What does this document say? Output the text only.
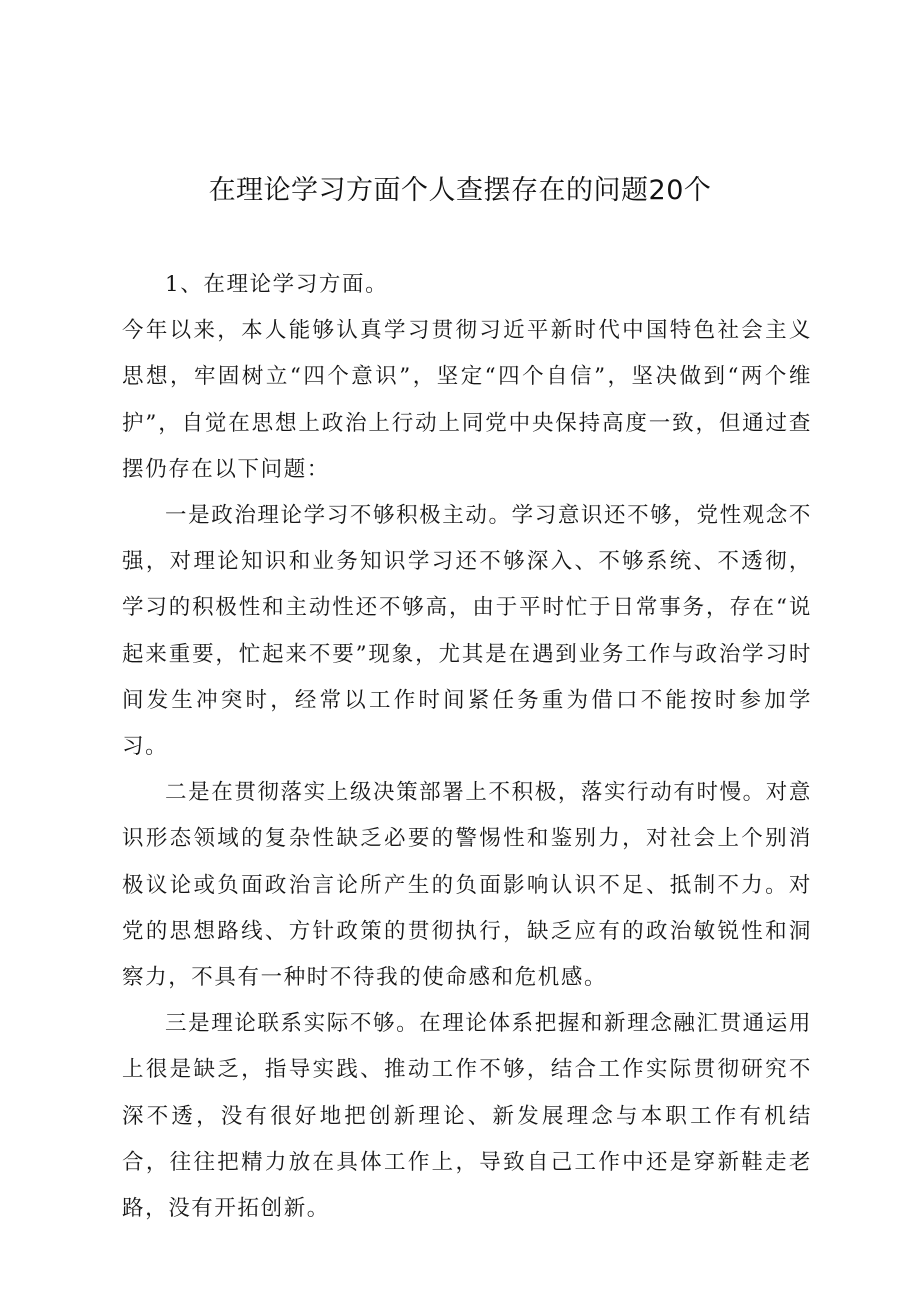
在理论学习方面个人查摆存在的问题20个

1、在理论学习方面。

今年以来，本人能够认真学习贯彻习近平新时代中国特色社会主义思想，牢固树立“四个意识”，坚定“四个自信”，坚决做到“两个维护”，自觉在思想上政治上行动上同党中央保持高度一致，但通过查摆仍存在以下问题：

一是政治理论学习不够积极主动。学习意识还不够，党性观念不强，对理论知识和业务知识学习还不够深入、不够系统、不透彻，学习的积极性和主动性还不够高，由于平时忙于日常事务，存在“说起来重要，忙起来不要”现象，尤其是在遇到业务工作与政治学习时间发生冲突时，经常以工作时间紧任务重为借口不能按时参加学习。

二是在贯彻落实上级决策部署上不积极，落实行动有时慢。对意识形态领域的复杂性缺乏必要的警惕性和鉴别力，对社会上个别消极议论或负面政治言论所产生的负面影响认识不足、抵制不力。对党的思想路线、方针政策的贯彻执行，缺乏应有的政治敏锐性和洞察力，不具有一种时不待我的使命感和危机感。

三是理论联系实际不够。在理论体系把握和新理念融汇贯通运用上很是缺乏，指导实践、推动工作不够，结合工作实际贯彻研究不深不透，没有很好地把创新理论、新发展理念与本职工作有机结合，往往把精力放在具体工作上，导致自己工作中还是穿新鞋走老路，没有开拓创新。
